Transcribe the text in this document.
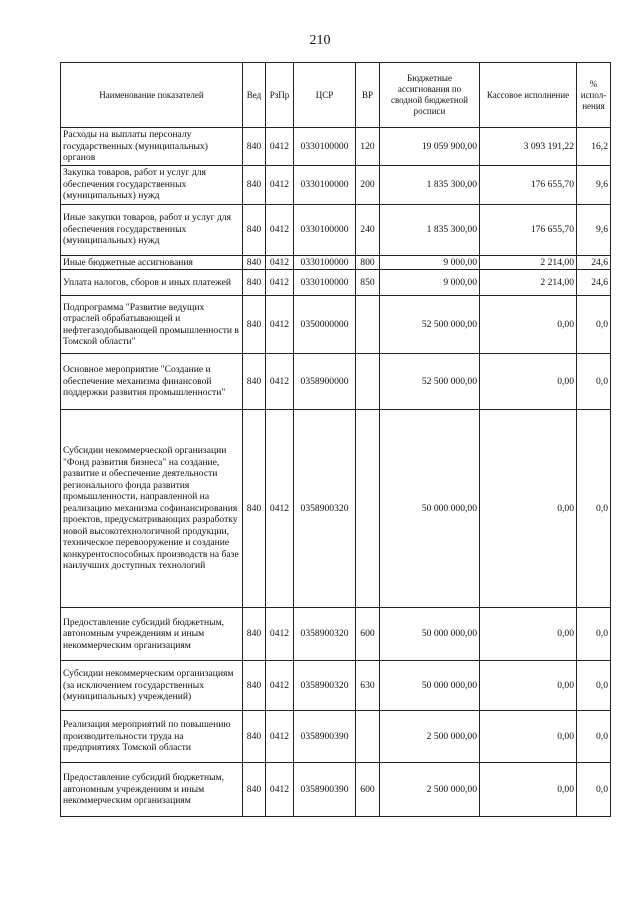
210
Наименование показателей	Вед	РзПр	ЦСР	ВР	Бюджетные ассигнования по сводной бюджетной росписи	Кассовое исполнение	% испол-нения
Расходы на выплаты персоналу государственных (муниципальных) органов	840	0412	0330100000	120	19 059 900,00	3 093 191,22	16,2
Закупка товаров, работ и услуг для обеспечения государственных (муниципальных) нужд	840	0412	0330100000	200	1 835 300,00	176 655,70	9,6
Иные закупки товаров, работ и услуг для обеспечения государственных (муниципальных) нужд	840	0412	0330100000	240	1 835 300,00	176 655,70	9,6
Иные бюджетные ассигнования	840	0412	0330100000	800	9 000,00	2 214,00	24,6
Уплата налогов, сборов и иных платежей	840	0412	0330100000	850	9 000,00	2 214,00	24,6
Подпрограмма "Развитие ведущих отраслей обрабатывающей и нефтегазодобывающей промышленности в Томской области"	840	0412	0350000000		52 500 000,00	0,00	0,0
Основное мероприятие "Создание и обеспечение механизма финансовой поддержки развития промышленности"	840	0412	0358900000		52 500 000,00	0,00	0,0
Субсидии некоммерческой организации "Фонд развития бизнеса" на создание, развитие и обеспечение деятельности регионального фонда развития промышленности, направленной на реализацию механизма софинансирования проектов, предусматривающих разработку новой высокотехнологичной продукции, техническое перевооружение и создание конкурентоспособных производств на базе наилучших доступных технологий	840	0412	0358900320		50 000 000,00	0,00	0,0
Предоставление субсидий бюджетным, автономным учреждениям и иным некоммерческим организациям	840	0412	0358900320	600	50 000 000,00	0,00	0,0
Субсидии некоммерческим организациям (за исключением государственных (муниципальных) учреждений)	840	0412	0358900320	630	50 000 000,00	0,00	0,0
Реализация мероприятий по повышению производительности труда на предприятиях Томской области	840	0412	0358900390		2 500 000,00	0,00	0,0
Предоставление субсидий бюджетным, автономным учреждениям и иным некоммерческим организациям	840	0412	0358900390	600	2 500 000,00	0,00	0,0
